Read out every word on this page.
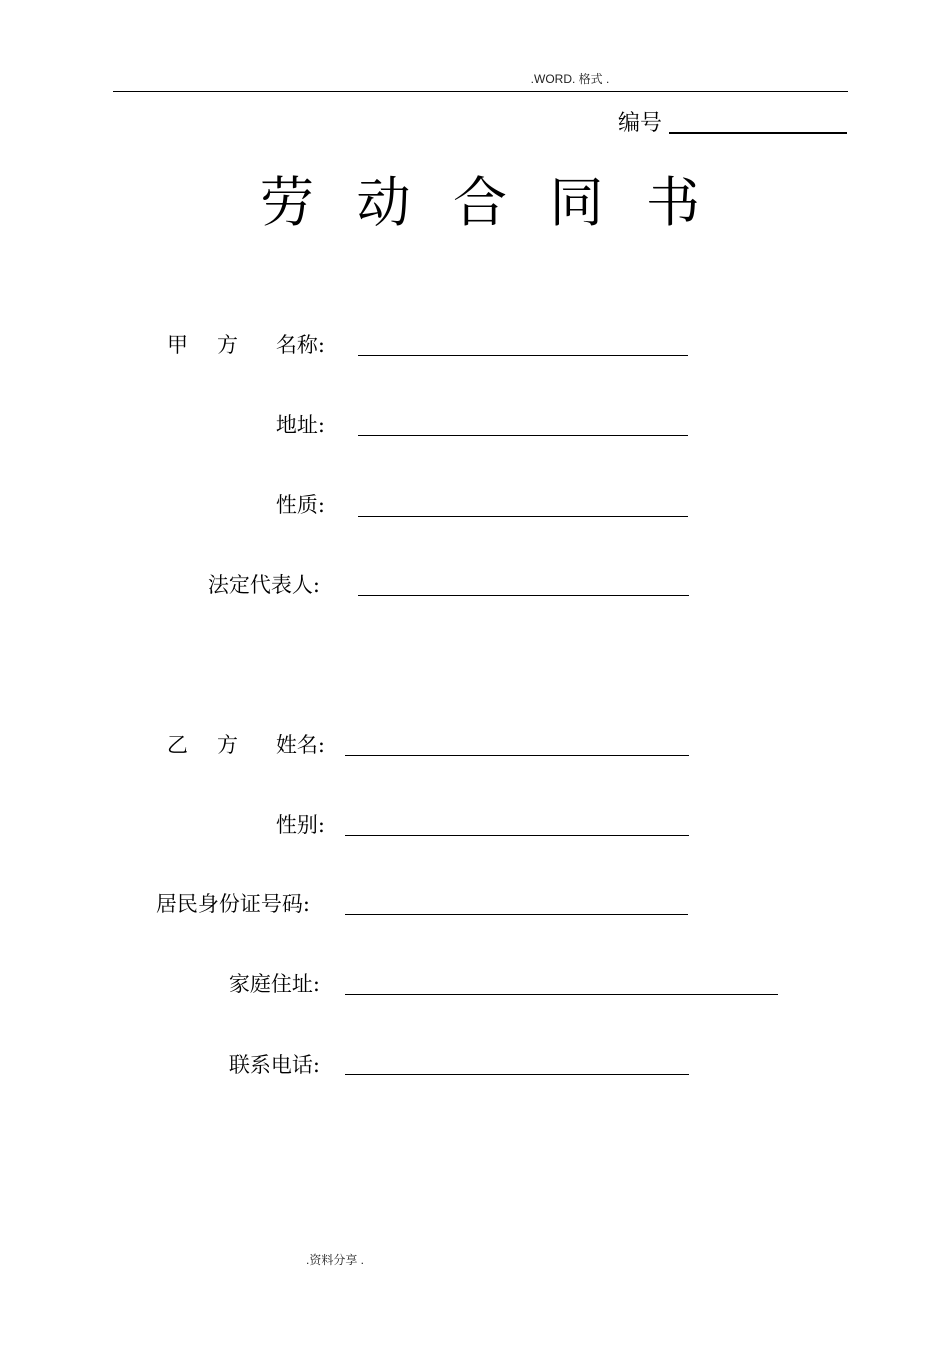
.WORD. 格式 .
编号
劳 动 合 同 书
甲 方	名称:
地址:
性质:
法定代表人:
乙 方	姓名:
性别:
居民身份证号码:
家庭住址:
联系电话:
.资料分享 .
